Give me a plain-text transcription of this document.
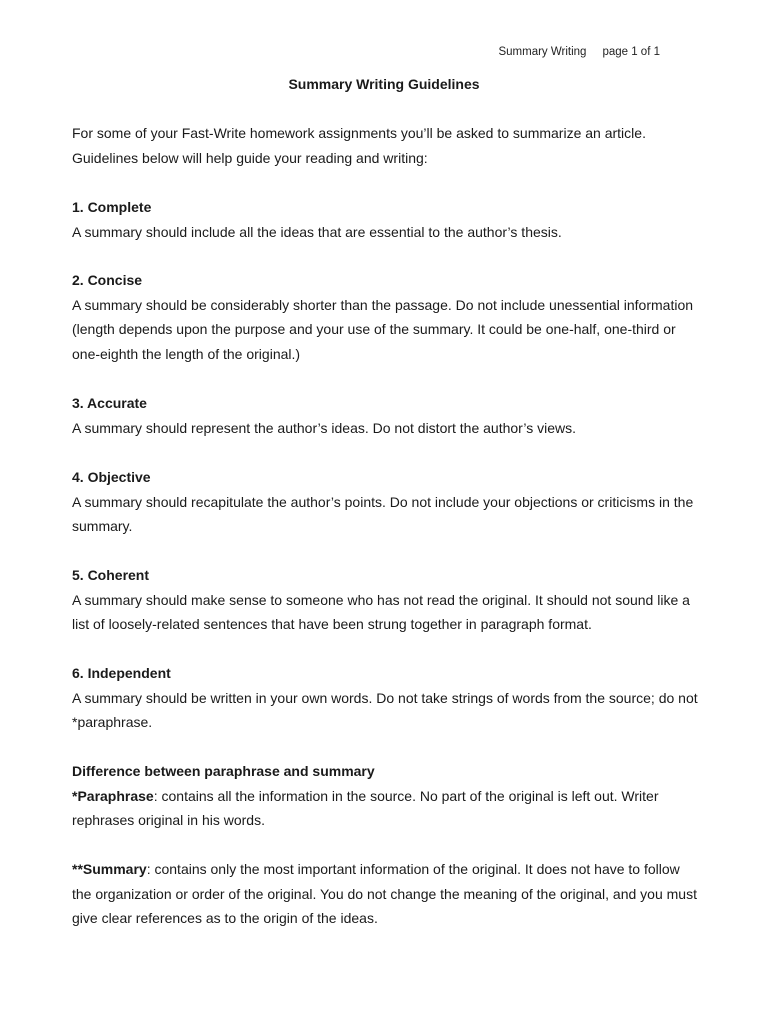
Summary Writing page 1 of 1
Summary Writing Guidelines

For some of your Fast-Write homework assignments you’ll be asked to summarize an article.

Guidelines below will help guide your reading and writing:

1. Complete

A summary should include all the ideas that are essential to the author’s thesis.

2. Concise

A summary should be considerably shorter than the passage. Do not include unessential information (length depends upon the purpose and your use of the summary. It could be one-half, one-third or one-eighth the length of the original.)

3. Accurate

A summary should represent the author’s ideas. Do not distort the author’s views.

4. Objective

A summary should recapitulate the author’s points. Do not include your objections or criticisms in the summary.

5. Coherent

A summary should make sense to someone who has not read the original. It should not sound like a list of loosely-related sentences that have been strung together in paragraph format.

6. Independent

A summary should be written in your own words. Do not take strings of words from the source; do not *paraphrase.

Difference between paraphrase and summary

*Paraphrase: contains all the information in the source. No part of the original is left out. Writer rephrases original in his words.

**Summary: contains only the most important information of the original. It does not have to follow the organization or order of the original. You do not change the meaning of the original, and you must give clear references as to the origin of the ideas.
